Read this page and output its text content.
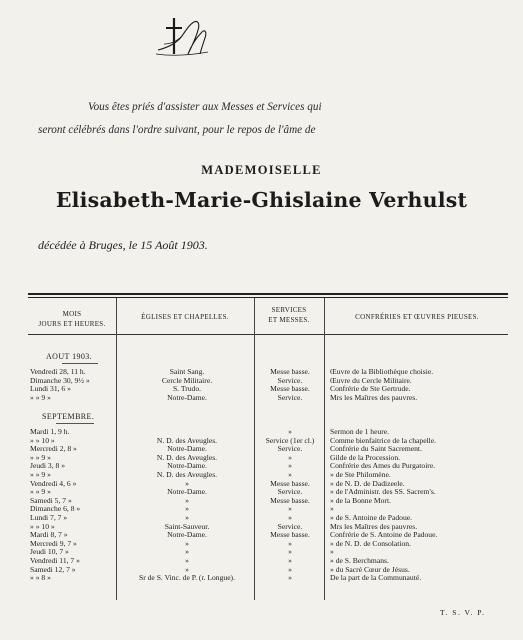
Vous êtes priés d'assister aux Messes et Services qui
seront célébrés dans l'ordre suivant, pour le repos de l'âme de
MADEMOISELLE
Elisabeth-Marie-Ghislaine Verhulst
décédée à Bruges, le 15 Août 1903.
MOIS
JOURS ET HEURES.
ÉGLISES ET CHAPELLES.
SERVICES
ET MESSES.	CONFRÉRIES ET ŒUVRES PIEUSES.
AOUT 1903.
Vendredi 28, 11 h.
Dimanche 30, 9½ »
Lundi 31, 6 »
» » 9 »
Saint Sang.
Cercle Militaire.
S. Trudo.
Notre-Dame.
Messe basse.
Service.
Messe basse.
Service.
Œuvre de la Bibliothèque choisie.
Œuvre du Cercle Militaire.
Confrérie de Ste Gertrude.
Mrs les Maîtres des pauvres.
SEPTEMBRE.
Mardi 1, 9 h.
» » 10 »
Mercredi 2, 8 »
» » 9 »
Jeudi 3, 8 »
» » 9 »
Vendredi 4, 6 »
» » 9 »
Samedi 5, 7 »
Dimanche 6, 8 »
Lundi 7, 7 »
» » 10 »
Mardi 8, 7 »
Mercredi 9, 7 »
Jeudi 10, 7 »
Vendredi 11, 7 »
Samedi 12, 7 »
» » 8 »
N. D. des Aveugles.
Notre-Dame.
N. D. des Aveugles.
Notre-Dame.
N. D. des Aveugles.
»
Notre-Dame.
»
»
»
Saint-Sauveur.
Notre-Dame.
»
»
»
»
Sr de S. Vinc. de P. (r. Longue).
»
Service (1er cl.)
Service.
»
»
»
Messe basse.
Service.
Messe basse.
»
»
Service.
Messe basse.
»
»
»
»
»
Sermon de 1 heure.
Comme bienfaitrice de la chapelle.
Confrérie du Saint Sacrement.
Gilde de la Procession.
Confrérie des Ames du Purgatoire.
» de Ste Philomène.
» de N. D. de Dadizeele.
» de l'Administr. des SS. Sacrem's.
» de la Bonne Mort.
»
» de S. Antoine de Padoue.
Mrs les Maîtres des pauvres.
Confrérie de S. Antoine de Padoue.
» de N. D. de Consolation.
»
» de S. Berchmans.
» du Sacré Cœur de Jésus.
De la part de la Communauté.
T. S. V. P.
